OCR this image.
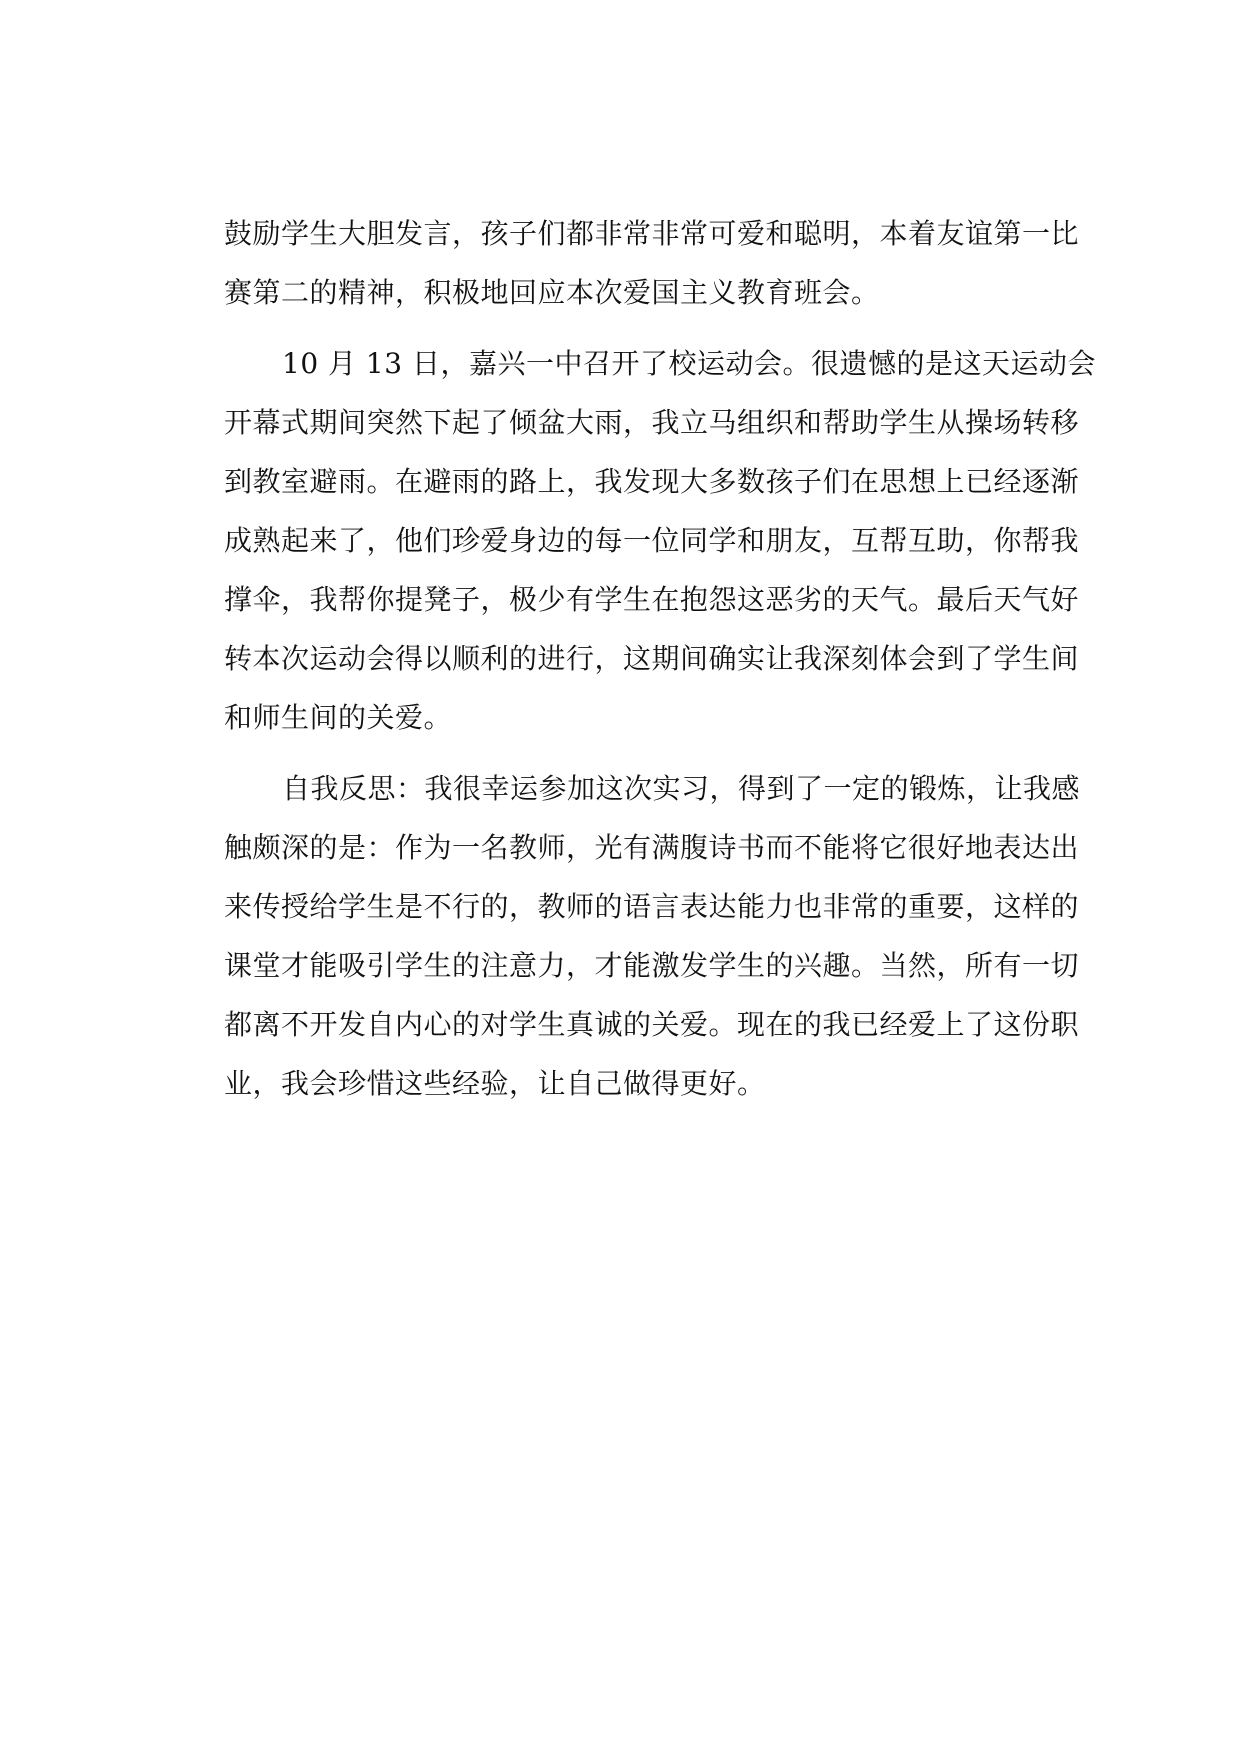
鼓励学生大胆发言，孩子们都非常非常可爱和聪明，本着友谊第一比
赛第二的精神，积极地回应本次爱国主义教育班会。
10 月 13 日，嘉兴一中召开了校运动会。很遗憾的是这天运动会
开幕式期间突然下起了倾盆大雨，我立马组织和帮助学生从操场转移
到教室避雨。在避雨的路上，我发现大多数孩子们在思想上已经逐渐
成熟起来了，他们珍爱身边的每一位同学和朋友，互帮互助，你帮我
撑伞，我帮你提凳子，极少有学生在抱怨这恶劣的天气。最后天气好
转本次运动会得以顺利的进行，这期间确实让我深刻体会到了学生间
和师生间的关爱。
自我反思：我很幸运参加这次实习，得到了一定的锻炼，让我感
触颇深的是：作为一名教师，光有满腹诗书而不能将它很好地表达出
来传授给学生是不行的，教师的语言表达能力也非常的重要，这样的
课堂才能吸引学生的注意力，才能激发学生的兴趣。当然，所有一切
都离不开发自内心的对学生真诚的关爱。现在的我已经爱上了这份职
业，我会珍惜这些经验，让自己做得更好。
